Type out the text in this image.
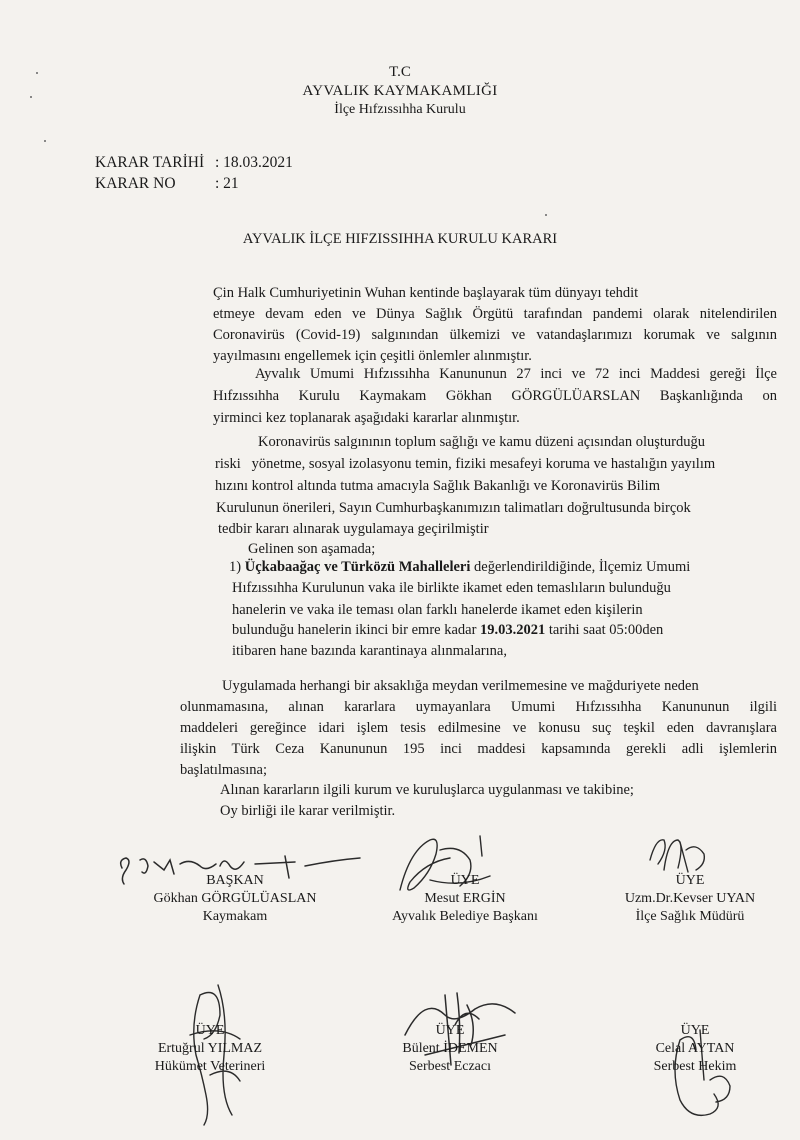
T.C
AYVALIK KAYMAKAMLIĞI
İlçe Hıfzıssıhha Kurulu
KARAR TARİHİ : 18.03.2021
KARAR NO	: 21
AYVALIK İLÇE HIFZISSIHHA KURULU KARARI
Çin Halk Cumhuriyetinin Wuhan kentinde başlayarak tüm dünyayı tehdit
etmeye devam eden ve Dünya Sağlık Örgütü tarafından pandemi olarak nitelendirilen
Coronavirüs (Covid-19) salgınından ülkemizi ve vatandaşlarımızı korumak ve salgının
yayılmasını engellemek için çeşitli önlemler alınmıştır.
Ayvalık Umumi Hıfzıssıhha Kanununun 27 inci ve 72 inci Maddesi gereği İlçe
Hıfzıssıhha Kurulu Kaymakam Gökhan GÖRGÜLÜARSLAN Başkanlığında on
yirminci kez toplanarak aşağıdaki kararlar alınmıştır.
Koronavirüs salgınının toplum sağlığı ve kamu düzeni açısından oluşturduğu
riski   yönetme, sosyal izolasyonu temin, fiziki mesafeyi koruma ve hastalığın yayılım
hızını kontrol altında tutma amacıyla Sağlık Bakanlığı ve Koronavirüs Bilim
Kurulunun önerileri, Sayın Cumhurbaşkanımızın talimatları doğrultusunda birçok
tedbir kararı alınarak uygulamaya geçirilmiştir
Gelinen son aşamada;
1) Üçkabaağaç ve Türközü Mahalleleri değerlendirildiğinde, İlçemiz Umumi
Hıfzıssıhha Kurulunun vaka ile birlikte ikamet eden temaslıların bulunduğu
hanelerin ve vaka ile teması olan farklı hanelerde ikamet eden kişilerin
bulunduğu hanelerin ikinci bir emre kadar 19.03.2021 tarihi saat 05:00den
itibaren hane bazında karantinaya alınmalarına,
Uygulamada herhangi bir aksaklığa meydan verilmemesine ve mağduriyete neden
olunmamasına, alınan kararlara uymayanlara Umumi Hıfzıssıhha Kanununun ilgili
maddeleri gereğince idari işlem tesis edilmesine ve konusu suç teşkil eden davranışlara
ilişkin Türk Ceza Kanununun 195 inci maddesi kapsamında gerekli adli işlemlerin
başlatılmasına;
Alınan kararların ilgili kurum ve kuruluşlarca uygulanması ve takibine;
Oy birliği ile karar verilmiştir.
BAŞKAN
Gökhan GÖRGÜLÜASLAN
Kaymakam
ÜYE
Mesut ERGİN
Ayvalık Belediye Başkanı
ÜYE
Uzm.Dr.Kevser UYAN
İlçe Sağlık Müdürü
ÜYE
Ertuğrul YILMAZ
Hükümet Veterineri
ÜYE
Bülent İDEMEN
Serbest Eczacı
ÜYE
Celal AYTAN
Serbest Hekim
